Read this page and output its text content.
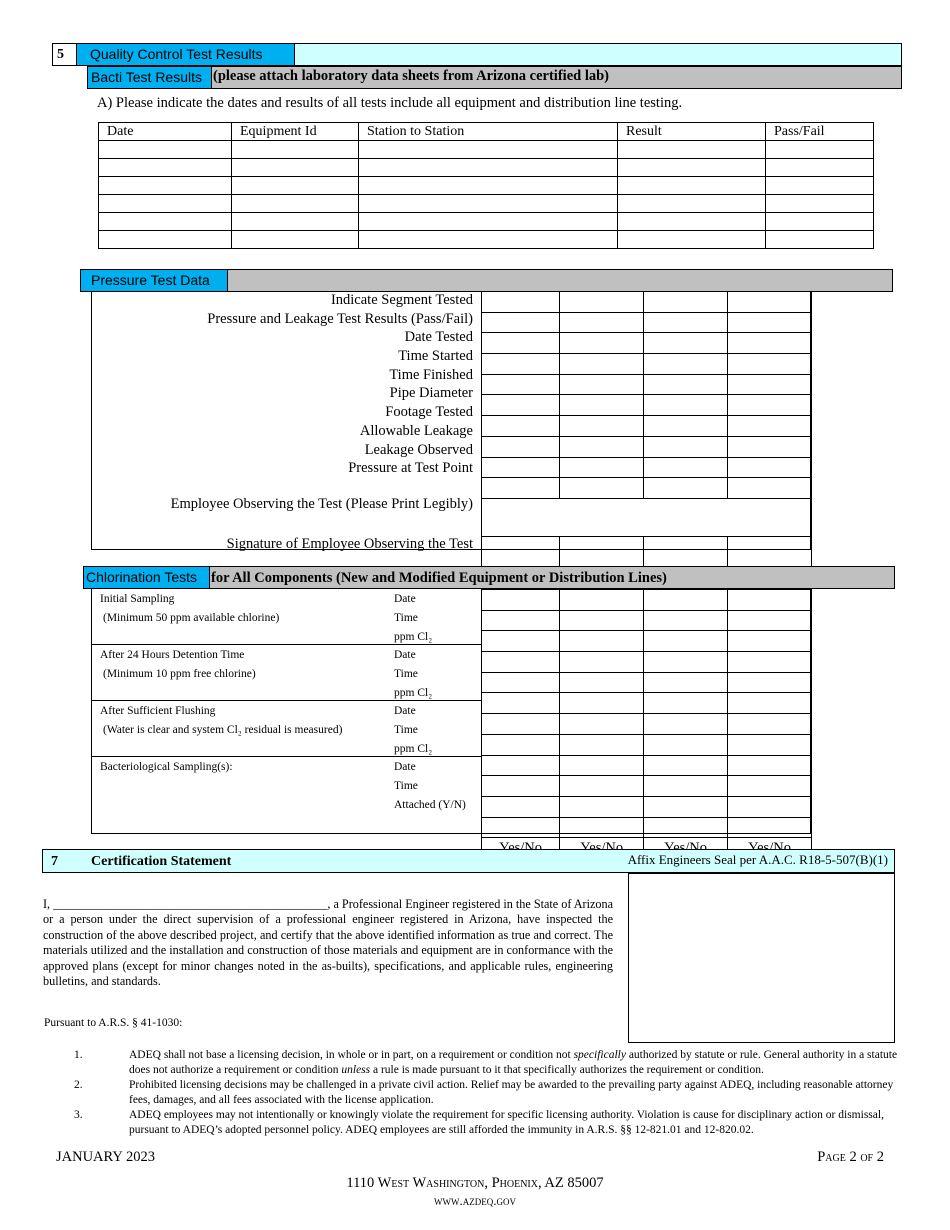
5	Quality Control Test Results
Bacti Test Results (please attach laboratory data sheets from Arizona certified lab)
A) Please indicate the dates and results of all tests include all equipment and distribution line testing.
Date	Equipment Id	Station to Station	Result	Pass/Fail

Pressure Test Data
Indicate Segment Tested
Pressure and Leakage Test Results (Pass/Fail)
Date Tested
Time Started
Time Finished
Pipe Diameter
Footage Tested
Allowable Leakage
Leakage Observed
Pressure at Test Point
Employee Observing the Test (Please Print Legibly)
Signature of Employee Observing the Test

Chlorination Tests for All Components (New and Modified Equipment or Distribution Lines)
Initial Sampling
(Minimum 50 ppm available chlorine)
Date
Time
ppm Cl₂
After 24 Hours Detention Time
(Minimum 10 ppm free chlorine)
Date
Time
ppm Cl₂
After Sufficient Flushing
(Water is clear and system Cl₂ residual is measured)
Date
Time
ppm Cl₂
Bacteriological Sampling(s):	Date
Time
Attached (Y/N)

7 Certification Statement	Affix Engineers Seal per A.A.C. R18-5-507(B)(1)
I, _____________________________________________, a Professional Engineer registered in the State of Arizona or a person under the direct supervision of a professional engineer registered in Arizona, have inspected the construction of the above described project, and certify that the above identified information as true and correct. The materials utilized and the installation and construction of those materials and equipment are in conformance with the approved plans (except for minor changes noted in the as-builts), specifications, and applicable rules, engineering bulletins, and standards.
Pursuant to A.R.S. § 41-1030:
1.	ADEQ shall not base a licensing decision, in whole or in part, on a requirement or condition not specifically authorized by statute or rule. General authority in a statute does not authorize a requirement or condition unless a rule is made pursuant to it that specifically authorizes the requirement or condition.
2.	Prohibited licensing decisions may be challenged in a private civil action. Relief may be awarded to the prevailing party against ADEQ, including reasonable attorney fees, damages, and all fees associated with the license application.
3.	ADEQ employees may not intentionally or knowingly violate the requirement for specific licensing authority. Violation is cause for disciplinary action or dismissal, pursuant to ADEQ’s adopted personnel policy. ADEQ employees are still afforded the immunity in A.R.S. §§ 12-821.01 and 12-820.02.
JANUARY 2023	Page 2 of 2
1110 West Washington, Phoenix, AZ 85007
www.azdeq.gov
